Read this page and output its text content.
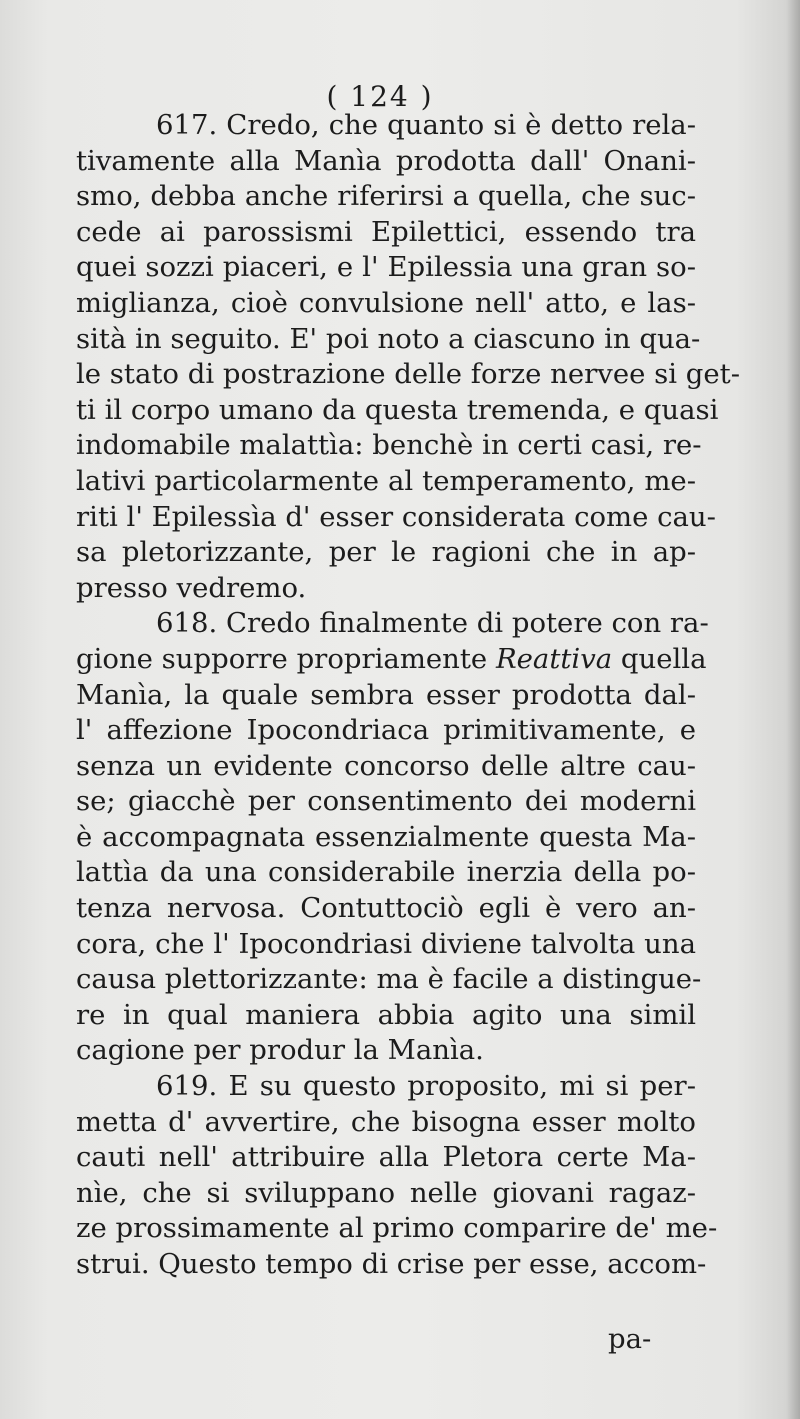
( 124 )
617. Credo, che quanto si è detto rela-
tivamente alla Manìa prodotta dall' Onani-
smo, debba anche riferirsi a quella, che suc-
cede ai parossismi Epilettici, essendo tra
quei sozzi piaceri, e l' Epilessia una gran so-
miglianza, cioè convulsione nell' atto, e las-
sità in seguito. E' poi noto a ciascuno in qua-
le stato di postrazione delle forze nervee si get-
ti il corpo umano da questa tremenda, e quasi
indomabile malattìa: benchè in certi casi, re-
lativi particolarmente al temperamento, me-
riti l' Epilessìa d' esser considerata come cau-
sa pletorizzante, per le ragioni che in ap-
presso vedremo.
618. Credo finalmente di potere con ra-
gione supporre propriamente Reattiva quella
Manìa, la quale sembra esser prodotta dal-
l' affezione Ipocondriaca primitivamente, e
senza un evidente concorso delle altre cau-
se; giacchè per consentimento dei moderni
è accompagnata essenzialmente questa Ma-
lattìa da una considerabile inerzia della po-
tenza nervosa. Contuttociò egli è vero an-
cora, che l' Ipocondriasi diviene talvolta una
causa plettorizzante: ma è facile a distingue-
re in qual maniera abbia agito una simil
cagione per produr la Manìa.
619. E su questo proposito, mi si per-
metta d' avvertire, che bisogna esser molto
cauti nell' attribuire alla Pletora certe Ma-
nìe, che si sviluppano nelle giovani ragaz-
ze prossimamente al primo comparire de' me-
strui. Questo tempo di crise per esse, accom-
pa-
